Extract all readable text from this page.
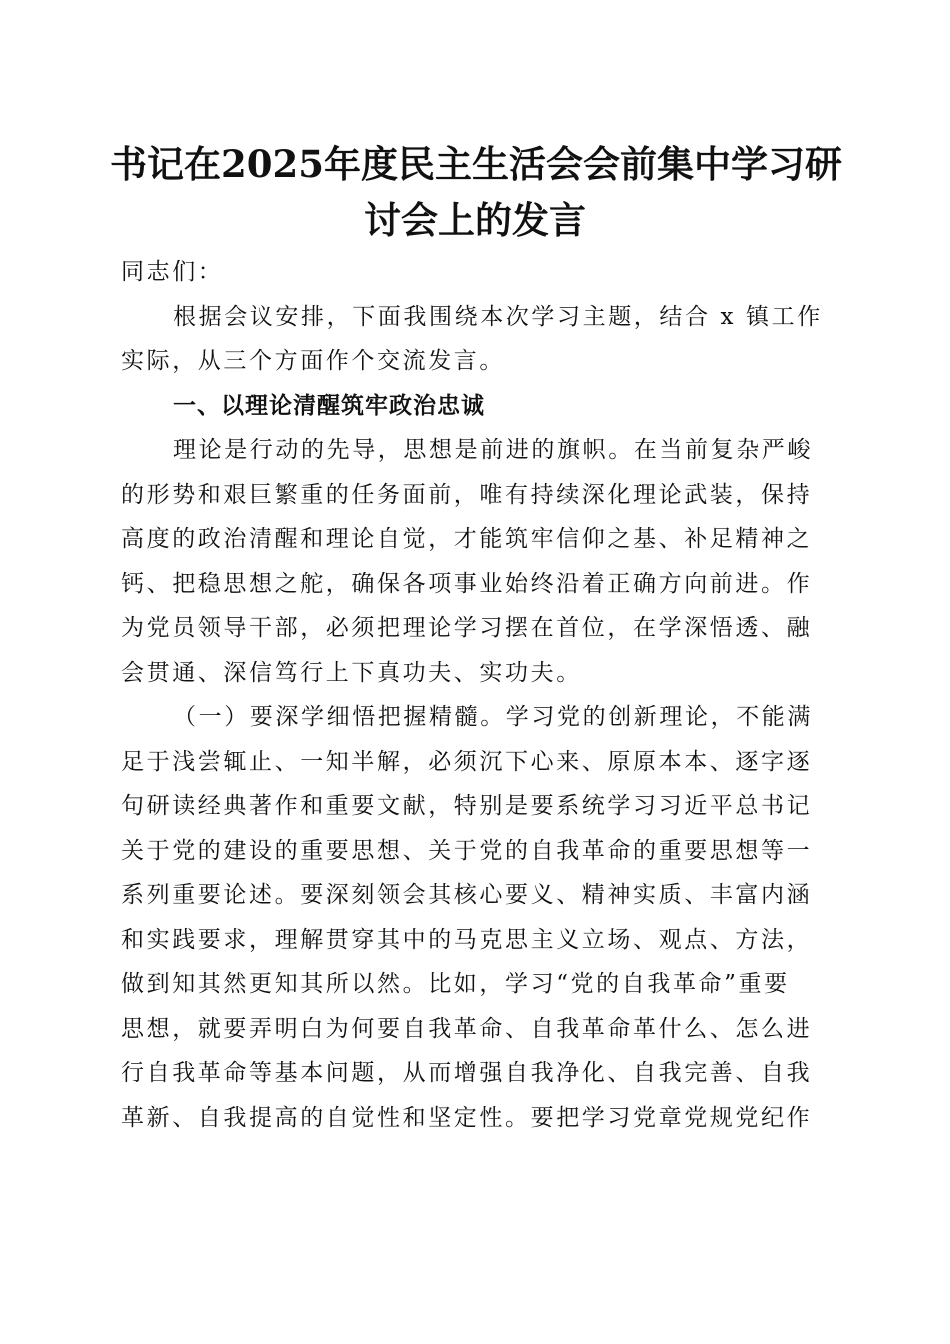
书记在2025年度民主生活会会前集中学习研
讨会上的发言
同志们：
根据会议安排，下面我围绕本次学习主题，结合 x 镇工作
实际，从三个方面作个交流发言。
一、以理论清醒筑牢政治忠诚
理论是行动的先导，思想是前进的旗帜。在当前复杂严峻
的形势和艰巨繁重的任务面前，唯有持续深化理论武装，保持
高度的政治清醒和理论自觉，才能筑牢信仰之基、补足精神之
钙、把稳思想之舵，确保各项事业始终沿着正确方向前进。作
为党员领导干部，必须把理论学习摆在首位，在学深悟透、融
会贯通、深信笃行上下真功夫、实功夫。
（一）要深学细悟把握精髓。学习党的创新理论，不能满
足于浅尝辄止、一知半解，必须沉下心来、原原本本、逐字逐
句研读经典著作和重要文献，特别是要系统学习习近平总书记
关于党的建设的重要思想、关于党的自我革命的重要思想等一
系列重要论述。要深刻领会其核心要义、精神实质、丰富内涵
和实践要求，理解贯穿其中的马克思主义立场、观点、方法，
做到知其然更知其所以然。比如，学习“党的自我革命”重要
思想，就要弄明白为何要自我革命、自我革命革什么、怎么进
行自我革命等基本问题，从而增强自我净化、自我完善、自我
革新、自我提高的自觉性和坚定性。要把学习党章党规党纪作
